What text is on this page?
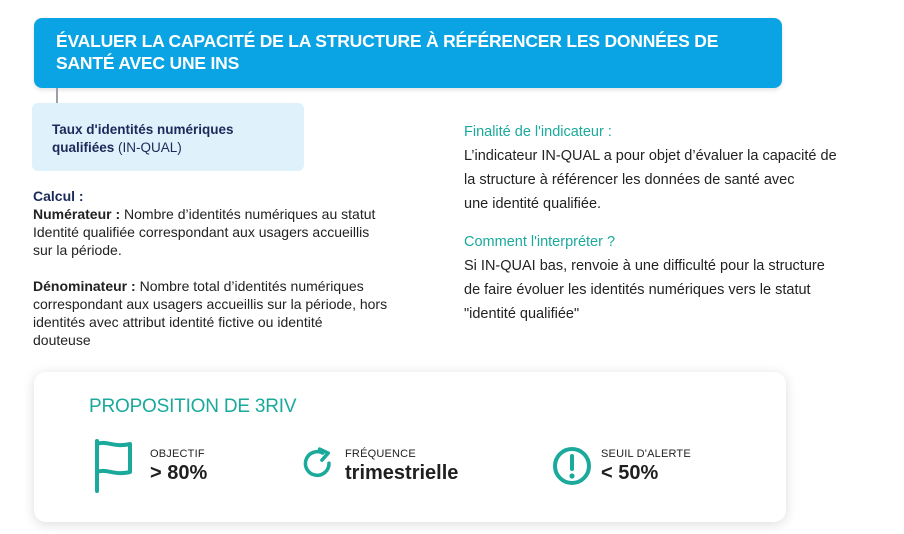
ÉVALUER LA CAPACITÉ DE LA STRUCTURE À RÉFÉRENCER LES DONNÉES DE
SANTÉ AVEC UNE INS
Taux d'identités numériques
qualifiées (IN-QUAL)
Calcul :

Numérateur : Nombre d’identités numériques au statut
Identité qualifiée correspondant aux usagers accueillis
sur la période.

Dénominateur : Nombre total d’identités numériques
correspondant aux usagers accueillis sur la période, hors
identités avec attribut identité fictive ou identité
douteuse

Finalité de l'indicateur :
L’indicateur IN-QUAL a pour objet d’évaluer la capacité de
la structure à référencer les données de santé avec
une identité qualifiée.
Comment l'interpréter ?
Si IN-QUAI bas, renvoie à une difficulté pour la structure
de faire évoluer les identités numériques vers le statut
"identité qualifiée"
PROPOSITION DE 3RIV
OBJECTIF
> 80%
FRÉQUENCE
trimestrielle
SEUIL D'ALERTE
< 50%
